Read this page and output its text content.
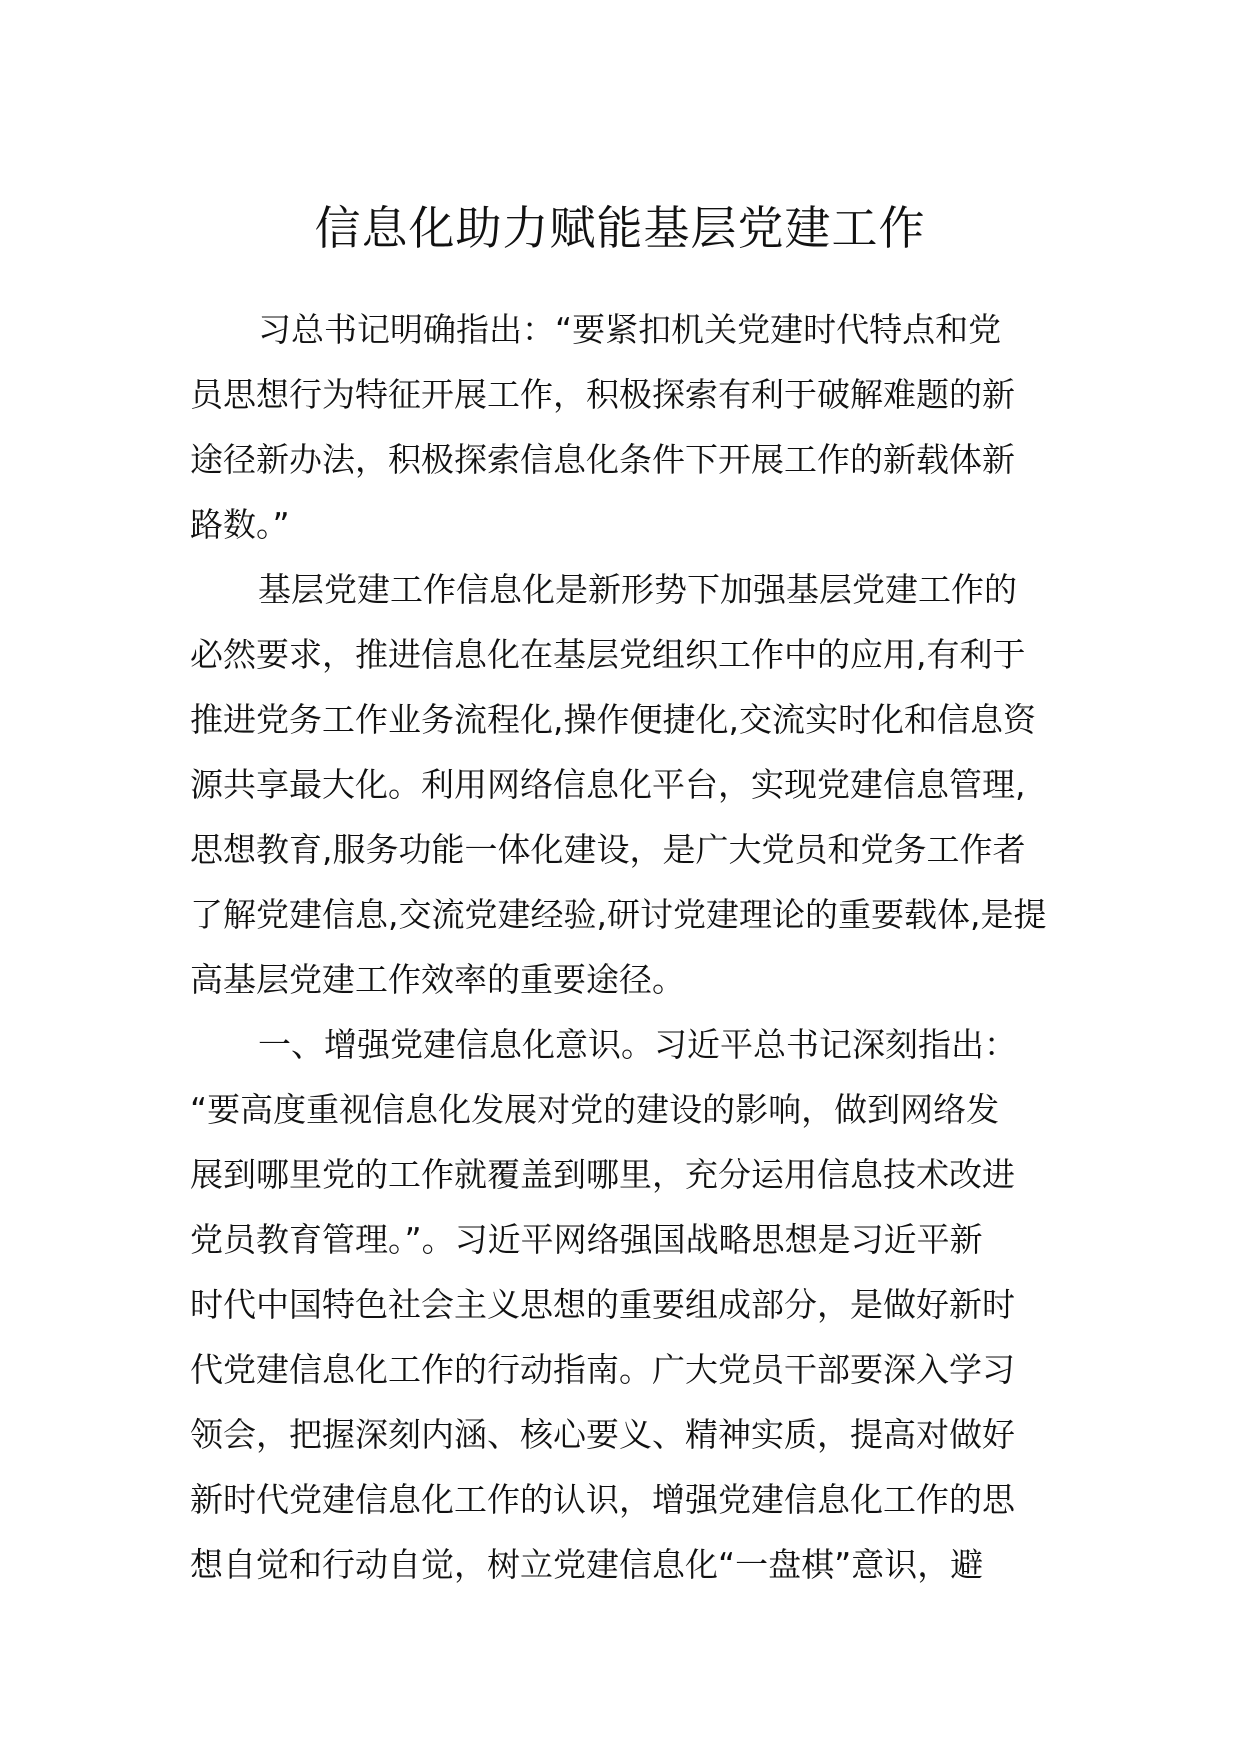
信息化助力赋能基层党建工作

习总书记明确指出：“要紧扣机关党建时代特点和党
员思想行为特征开展工作，积极探索有利于破解难题的新
途径新办法，积极探索信息化条件下开展工作的新载体新
路数。”

基层党建工作信息化是新形势下加强基层党建工作的
必然要求，推进信息化在基层党组织工作中的应用,有利于
推进党务工作业务流程化,操作便捷化,交流实时化和信息资
源共享最大化。利用网络信息化平台，实现党建信息管理,
思想教育,服务功能一体化建设，是广大党员和党务工作者
了解党建信息,交流党建经验,研讨党建理论的重要载体,是提
高基层党建工作效率的重要途径。

一、增强党建信息化意识。习近平总书记深刻指出：
“要高度重视信息化发展对党的建设的影响，做到网络发
展到哪里党的工作就覆盖到哪里，充分运用信息技术改进
党员教育管理。”。习近平网络强国战略思想是习近平新
时代中国特色社会主义思想的重要组成部分，是做好新时
代党建信息化工作的行动指南。广大党员干部要深入学习
领会，把握深刻内涵、核心要义、精神实质，提高对做好
新时代党建信息化工作的认识，增强党建信息化工作的思
想自觉和行动自觉，树立党建信息化“一盘棋”意识，避
